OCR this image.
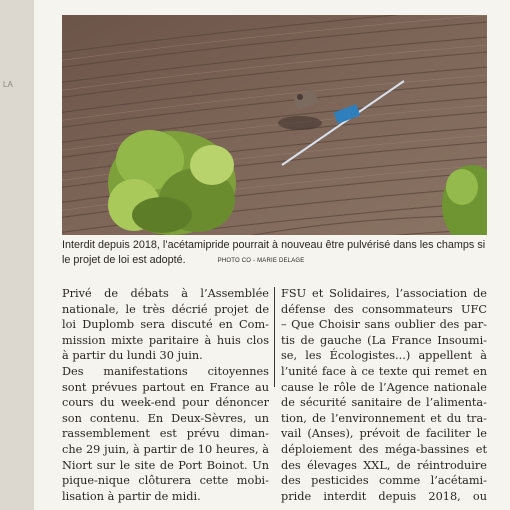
LA
Interdit depuis 2018, l’acétamipride pourrait à nouveau être pulvérisé dans les champs si le projet de loi est adopté.	PHOTO CO - MARIE DELAGE
Privé de débats à l’Assemblée
nationale, le très décrié projet de
loi Duplomb sera discuté en Com-
mission mixte paritaire à huis clos
à partir du lundi 30 juin.
Des manifestations citoyennes
sont prévues partout en France au
cours du week-end pour dénoncer
son contenu. En Deux-Sèvres, un
rassemblement est prévu diman-
che 29 juin, à partir de 10 heures, à
Niort sur le site de Port Boinot. Un
pique-nique clôturera cette mobi-
lisation à partir de midi.
FSU et Solidaires, l’association de
défense des consommateurs UFC
– Que Choisir sans oublier des par-
tis de gauche (La France Insoumi-
se, les Écologistes...) appellent à
l’unité face à ce texte qui remet en
cause le rôle de l’Agence nationale
de sécurité sanitaire de l’alimenta-
tion, de l’environnement et du tra-
vail (Anses), prévoit de faciliter le
déploiement des méga-bassines et
des élevages XXL, de réintroduire
des pesticides comme l’acétami-
pride interdit depuis 2018, ou
